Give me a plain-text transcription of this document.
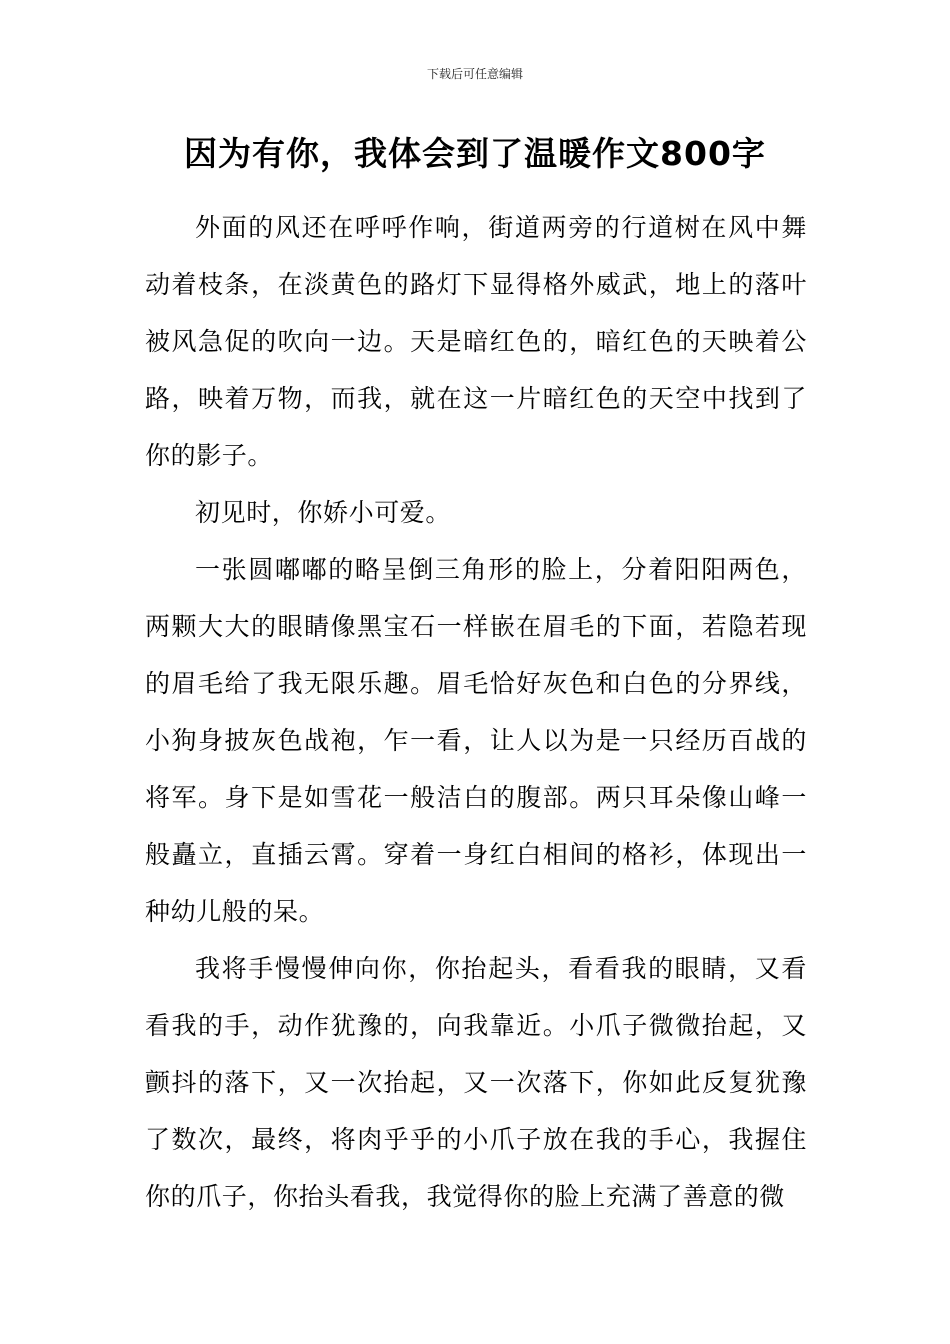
下载后可任意编辑
因为有你，我体会到了温暖作文800字

外面的风还在呼呼作响，街道两旁的行道树在风中舞动着枝条，在淡黄色的路灯下显得格外威武，地上的落叶被风急促的吹向一边。天是暗红色的，暗红色的天映着公路，映着万物，而我，就在这一片暗红色的天空中找到了你的影子。

初见时，你娇小可爱。

一张圆嘟嘟的略呈倒三角形的脸上，分着阳阳两色，两颗大大的眼睛像黑宝石一样嵌在眉毛的下面，若隐若现的眉毛给了我无限乐趣。眉毛恰好灰色和白色的分界线，小狗身披灰色战袍，乍一看，让人以为是一只经历百战的将军。身下是如雪花一般洁白的腹部。两只耳朵像山峰一般矗立，直插云霄。穿着一身红白相间的格衫，体现出一种幼儿般的呆。

我将手慢慢伸向你，你抬起头，看看我的眼睛，又看看我的手，动作犹豫的，向我靠近。小爪子微微抬起，又颤抖的落下，又一次抬起，又一次落下，你如此反复犹豫了数次，最终，将肉乎乎的小爪子放在我的手心，我握住你的爪子，你抬头看我，我觉得你的脸上充满了善意的微
